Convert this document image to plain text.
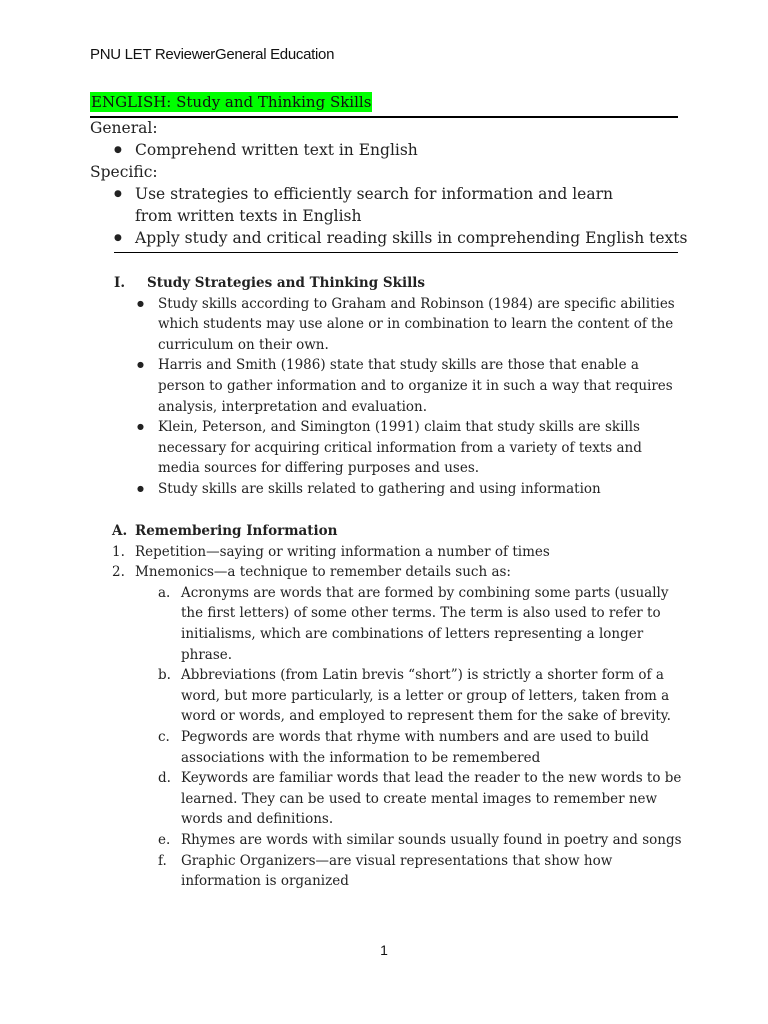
PNU LET ReviewerGeneral Education
ENGLISH: Study and Thinking Skills
General:
● Comprehend written text in English
Specific:
● Use strategies to efficiently search for information and learn from written texts in English
● Apply study and critical reading skills in comprehending English texts
I. Study Strategies and Thinking Skills
● Study skills according to Graham and Robinson (1984) are specific abilities which students may use alone or in combination to learn the content of the curriculum on their own.
● Harris and Smith (1986) state that study skills are those that enable a person to gather information and to organize it in such a way that requires analysis, interpretation and evaluation.
● Klein, Peterson, and Simington (1991) claim that study skills are skills necessary for acquiring critical information from a variety of texts and media sources for differing purposes and uses.
● Study skills are skills related to gathering and using information
A. Remembering Information
1. Repetition—saying or writing information a number of times
2. Mnemonics—a technique to remember details such as:
a. Acronyms are words that are formed by combining some parts (usually the first letters) of some other terms. The term is also used to refer to initialisms, which are combinations of letters representing a longer phrase.
b. Abbreviations (from Latin brevis “short”) is strictly a shorter form of a word, but more particularly, is a letter or group of letters, taken from a word or words, and employed to represent them for the sake of brevity.
c. Pegwords are words that rhyme with numbers and are used to build associations with the information to be remembered
d. Keywords are familiar words that lead the reader to the new words to be learned. They can be used to create mental images to remember new words and definitions.
e. Rhymes are words with similar sounds usually found in poetry and songs
f. Graphic Organizers—are visual representations that show how information is organized
1
